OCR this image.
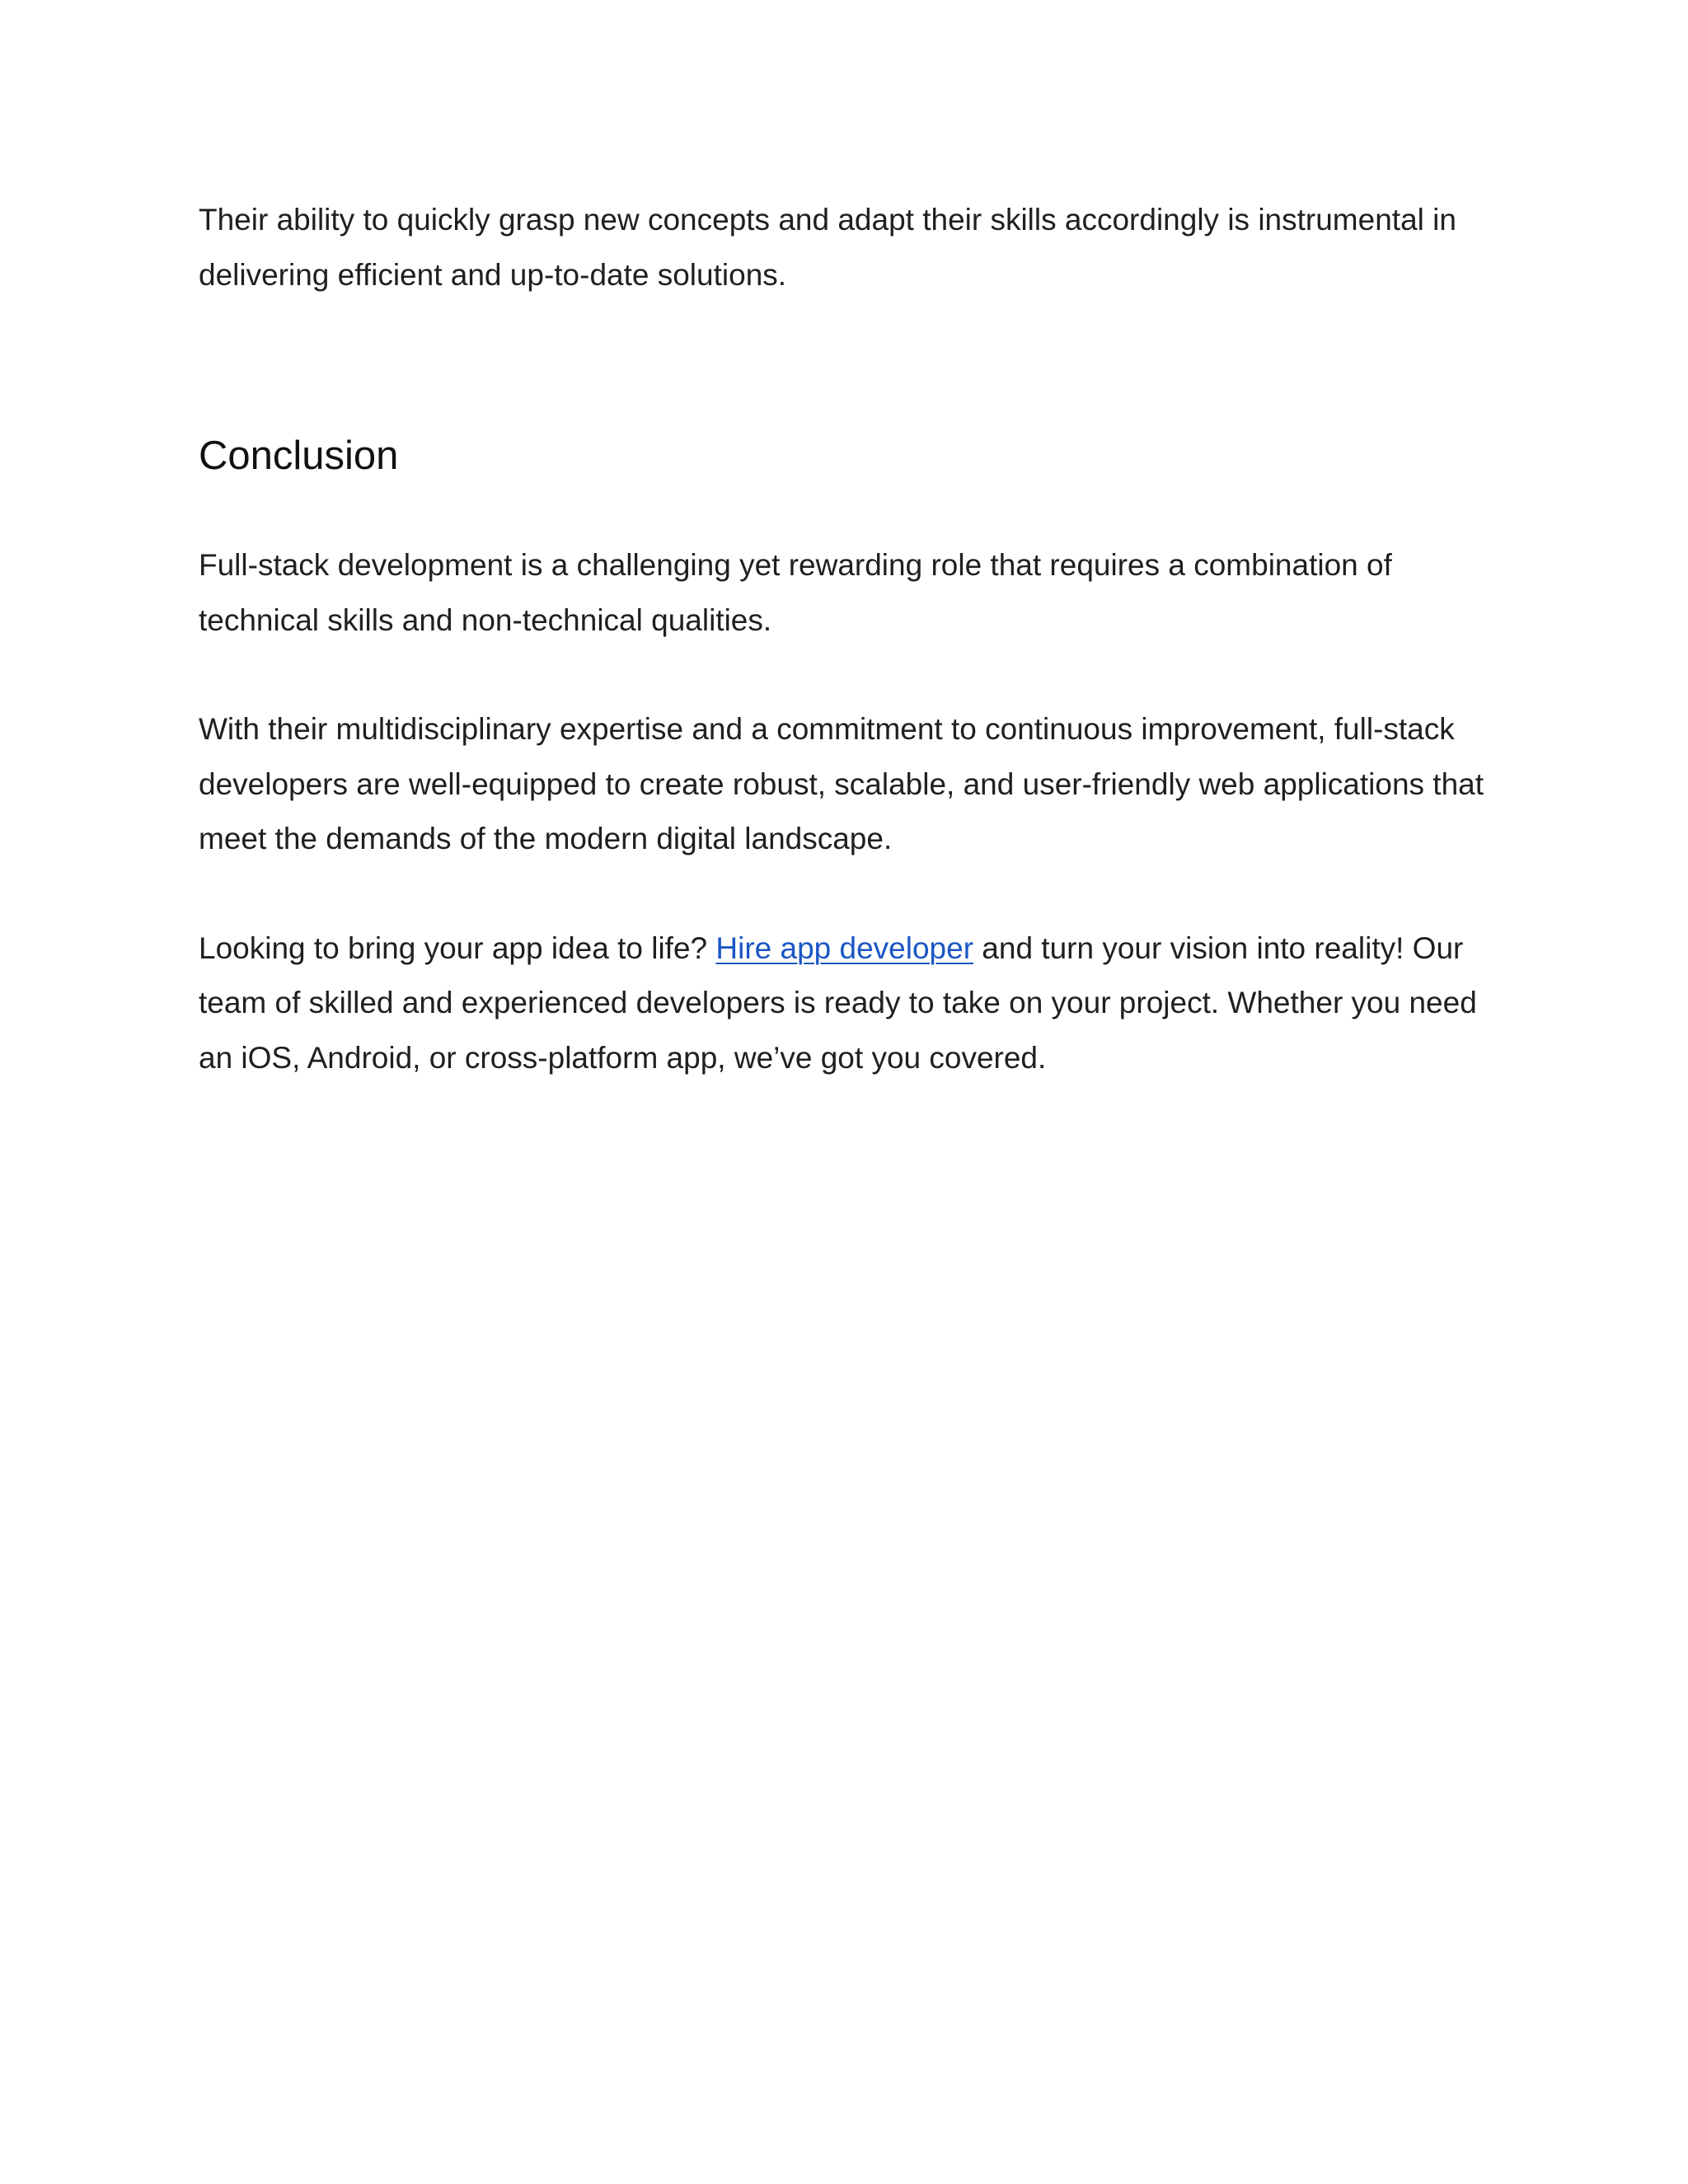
Their ability to quickly grasp new concepts and adapt their skills accordingly is instrumental in delivering efficient and up-to-date solutions.

Conclusion

Full-stack development is a challenging yet rewarding role that requires a combination of technical skills and non-technical qualities.

With their multidisciplinary expertise and a commitment to continuous improvement, full-stack developers are well-equipped to create robust, scalable, and user-friendly web applications that meet the demands of the modern digital landscape.

Looking to bring your app idea to life? Hire app developer and turn your vision into reality! Our team of skilled and experienced developers is ready to take on your project. Whether you need an iOS, Android, or cross-platform app, we’ve got you covered.
